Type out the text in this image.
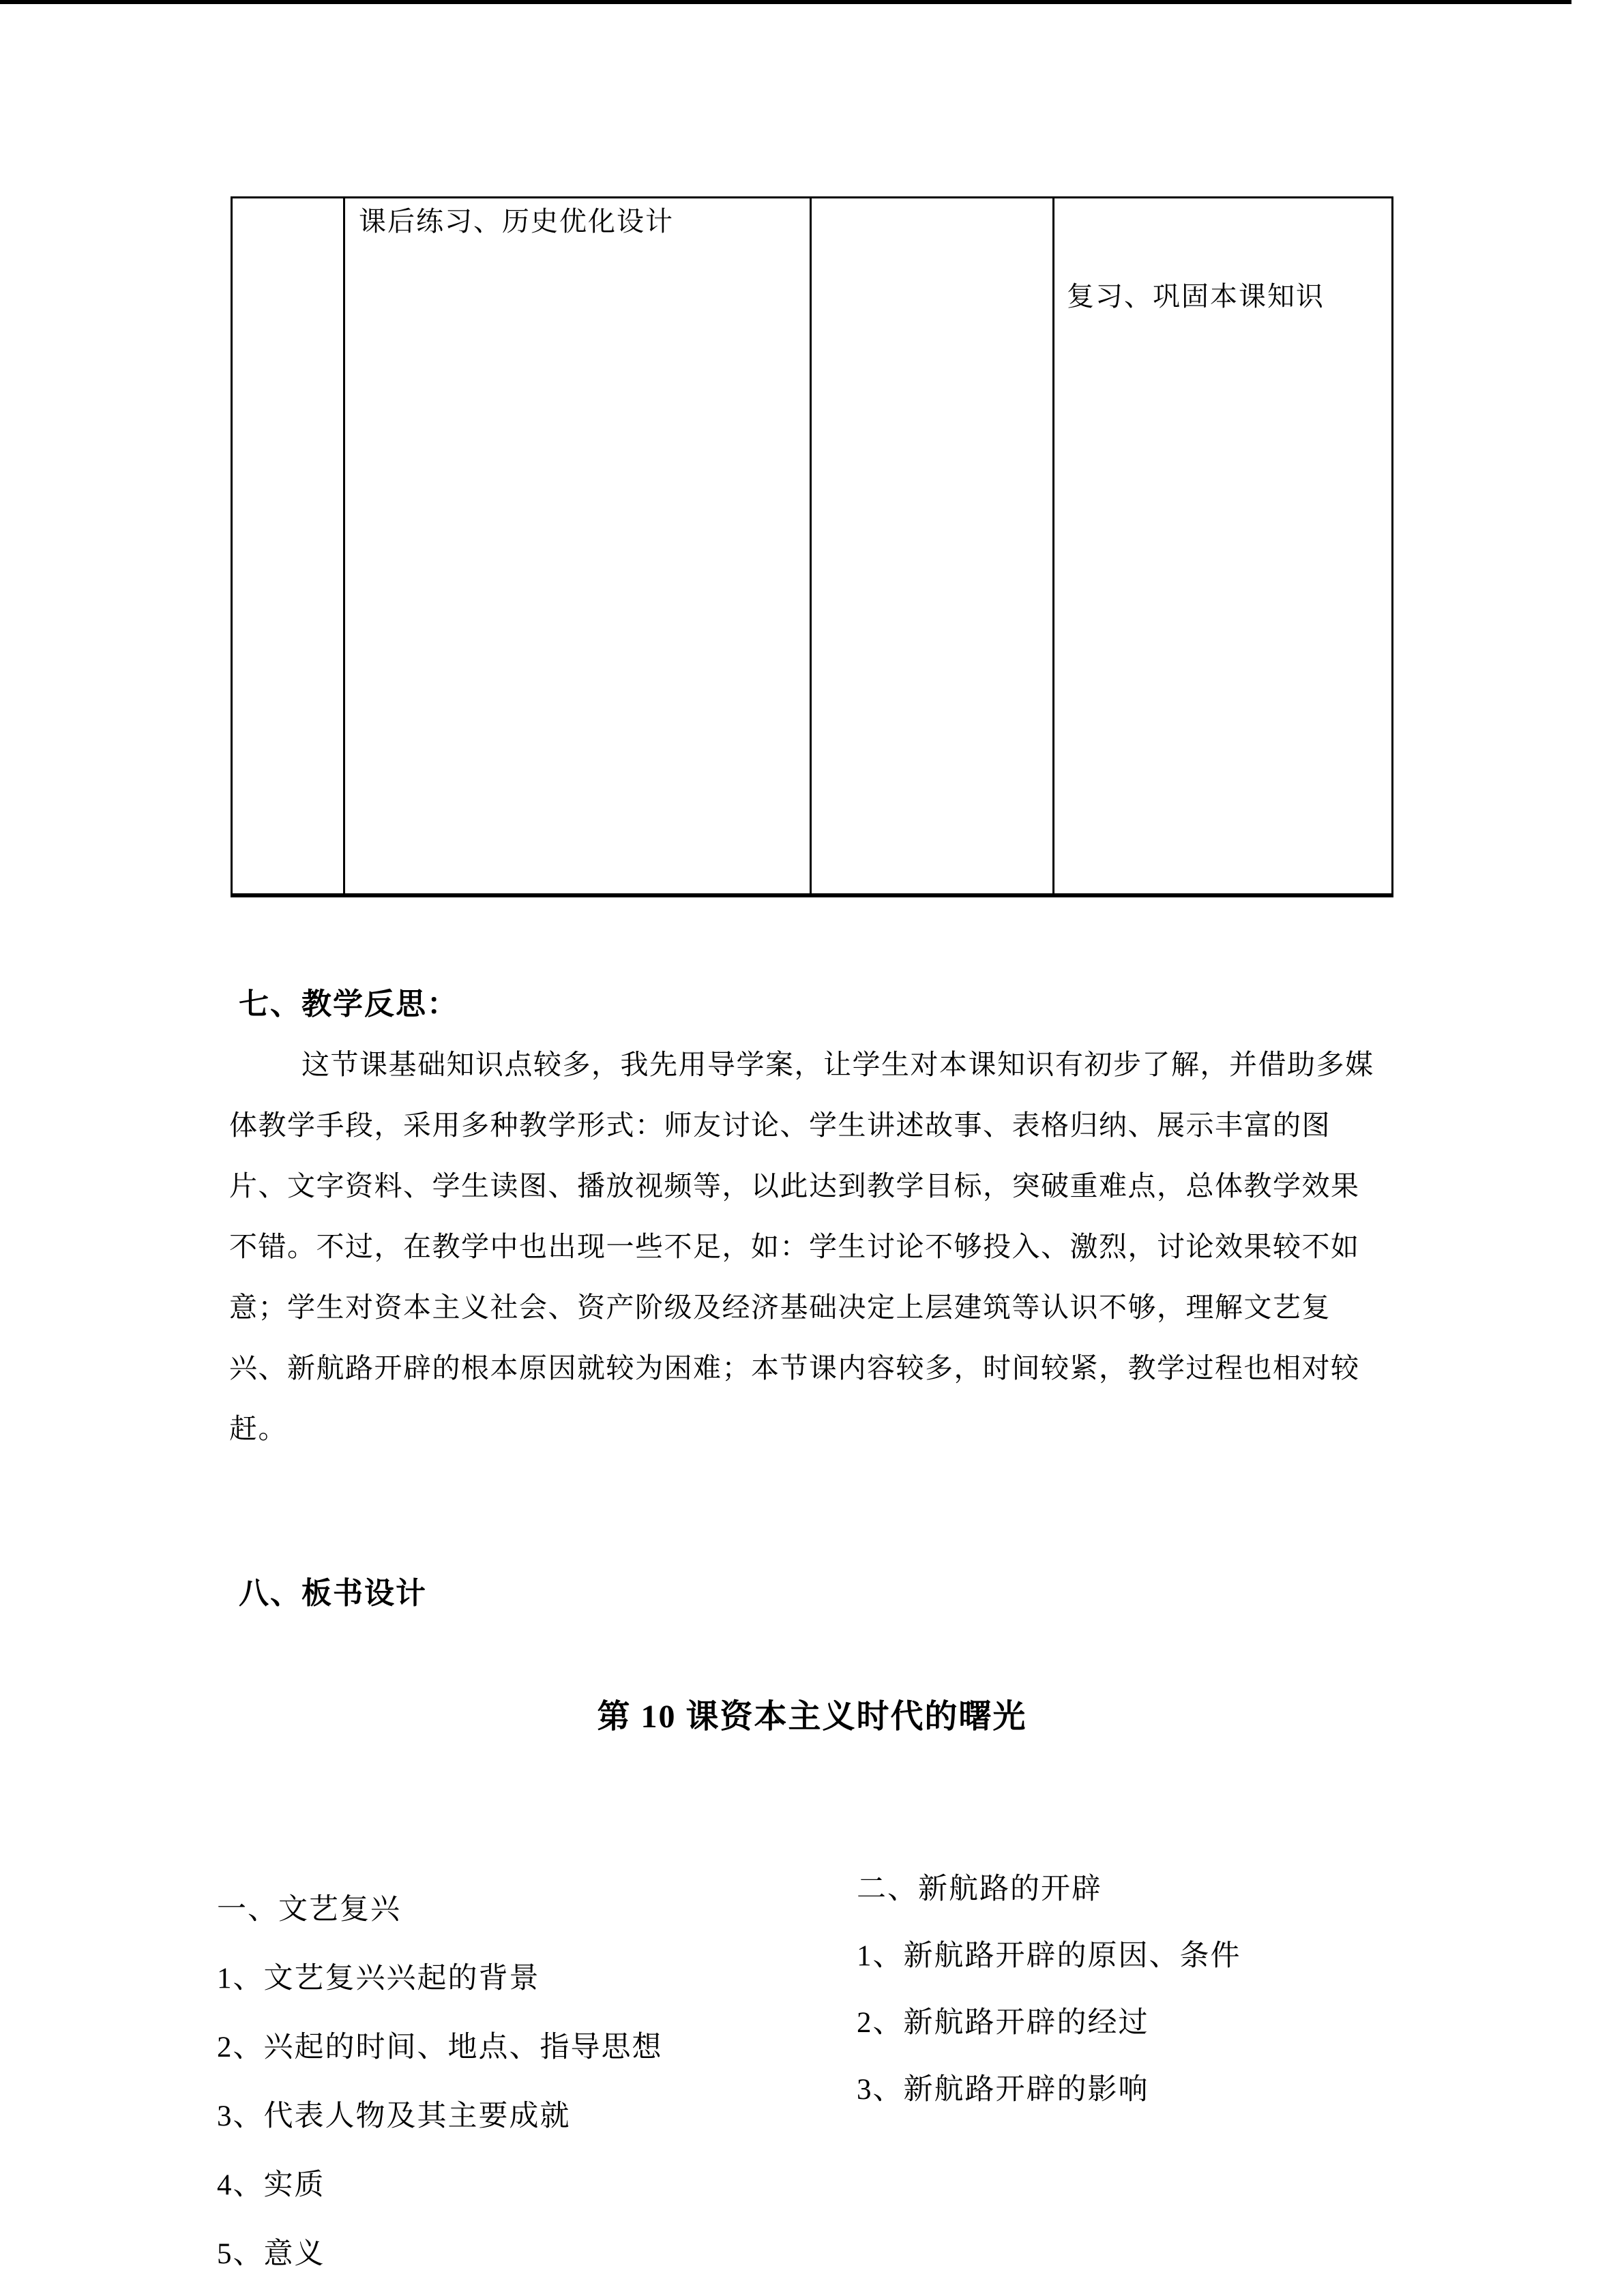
课后练习、历史优化设计
复习、巩固本课知识
七、教学反思：
这节课基础知识点较多，我先用导学案，让学生对本课知识有初步了解，并借助多媒
体教学手段，采用多种教学形式：师友讨论、学生讲述故事、表格归纳、展示丰富的图
片、文字资料、学生读图、播放视频等，以此达到教学目标，突破重难点，总体教学效果
不错。不过，在教学中也出现一些不足，如：学生讨论不够投入、激烈，讨论效果较不如
意；学生对资本主义社会、资产阶级及经济基础决定上层建筑等认识不够，理解文艺复
兴、新航路开辟的根本原因就较为困难；本节课内容较多，时间较紧，教学过程也相对较
赶。
八、板书设计
第 10 课资本主义时代的曙光
一、文艺复兴
1、文艺复兴兴起的背景
2、兴起的时间、地点、指导思想
3、代表人物及其主要成就
4、实质
5、意义
二、新航路的开辟
1、新航路开辟的原因、条件
2、新航路开辟的经过
3、新航路开辟的影响
